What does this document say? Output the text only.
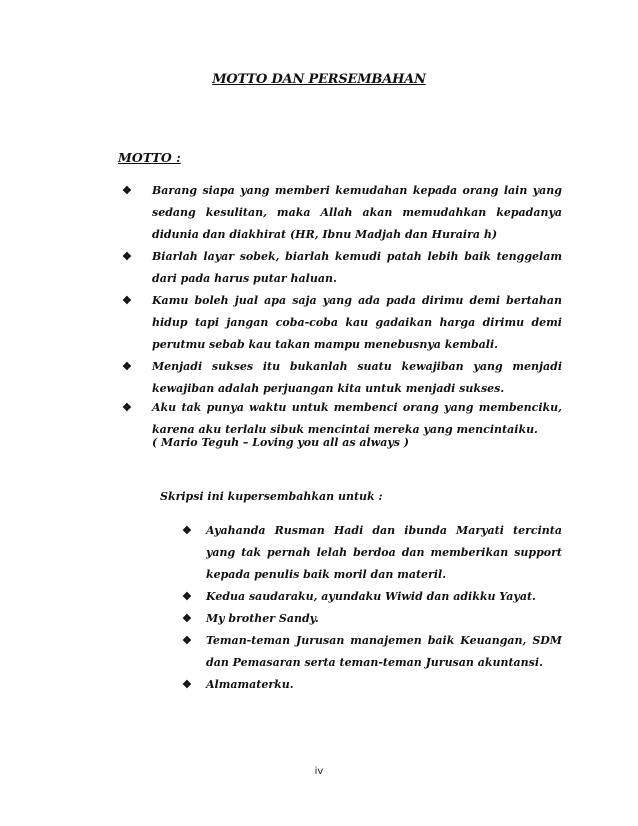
MOTTO DAN PERSEMBAHAN
MOTTO :
❖	Barang siapa yang memberi kemudahan kepada orang lain yang sedang kesulitan, maka Allah akan memudahkan kepadanya didunia dan diakhirat (HR, Ibnu Madjah dan Huraira h)
❖	Biarlah layar sobek, biarlah kemudi patah lebih baik tenggelam dari pada harus putar haluan.
❖	Kamu boleh jual apa saja yang ada pada dirimu demi bertahan hidup tapi jangan coba-coba kau gadaikan harga dirimu demi perutmu sebab kau takan mampu menebusnya kembali.
❖	Menjadi sukses itu bukanlah suatu kewajiban yang menjadi kewajiban adalah perjuangan kita untuk menjadi sukses.
❖	Aku tak punya waktu untuk membenci orang yang membenciku, karena aku terlalu sibuk mencintai mereka yang mencintaiku.
( Mario Teguh – Loving you all as always )
Skripsi ini kupersembahkan untuk :
❖ Ayahanda Rusman Hadi dan ibunda Maryati tercinta yang tak pernah lelah berdoa dan memberikan support kepada penulis baik moril dan materil.
❖ Kedua saudaraku, ayundaku Wiwid dan adikku Yayat.
❖ My brother Sandy.
❖ Teman-teman Jurusan manajemen baik Keuangan, SDM dan Pemasaran serta teman-teman Jurusan akuntansi.
❖ Almamaterku.
iv
